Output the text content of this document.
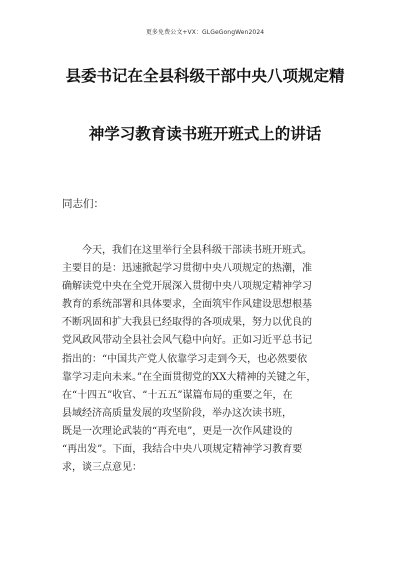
更多免费公文+VX：GLGeGongWen2024
县委书记在全县科级干部中央八项规定精
神学习教育读书班开班式上的讲话
同志们：
　　今天，我们在这里举行全县科级干部读书班开班式。
主要目的是：迅速掀起学习贯彻中央八项规定的热潮，准
确解读党中央在全党开展深入贯彻中央八项规定精神学习
教育的系统部署和具体要求，全面筑牢作风建设思想根基
不断巩固和扩大我县已经取得的各项成果，努力以优良的
党风政风带动全县社会风气稳中向好。正如习近平总书记
指出的：“中国共产党人依靠学习走到今天，也必然要依
靠学习走向未来。”在全面贯彻党的XX大精神的关键之年，
在“十四五”收官、“十五五”谋篇布局的重要之年，在
县域经济高质量发展的攻坚阶段，举办这次读书班，
既是一次理论武装的“再充电”，更是一次作风建设的
“再出发”。下面，我结合中央八项规定精神学习教育要
求，谈三点意见：
